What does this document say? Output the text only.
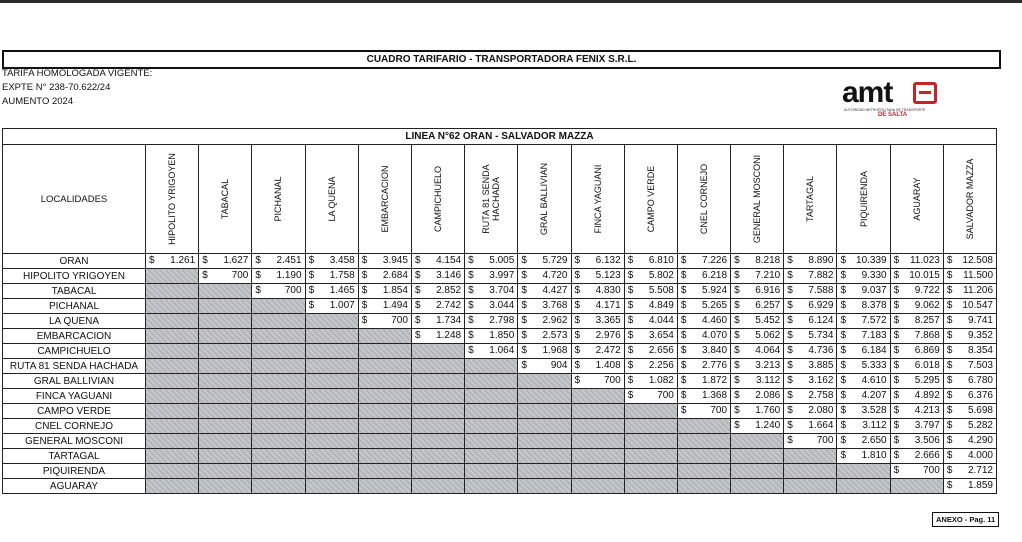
CUADRO TARIFARIO - TRANSPORTADORA FENIX S.R.L.
TARIFA HOMOLOGADA VIGENTE:
EXPTE N° 238-70.622/24
AUMENTO 2024	amt
AUTORIDAD METROPOLITANA DE TRANSPORTE
DE SALTA
LINEA N°62 ORAN - SALVADOR MAZZA																
LOCALIDADES	HIPOLITO YRIGOYEN	TABACAL	PICHANAL	LA QUENA	EMBARCACION	CAMPICHUELO	RUTA 81 SENDA HACHADA	GRAL BALLIVIAN	FINCA YAGUANI	CAMPO VERDE	CNEL CORNEJO	GENERAL MOSCONI	TARTAGAL	PIQUIRENDA	AGUARAY	SALVADOR MAZZA

ORAN	$ 1.261	$ 1.627	$ 2.451	$ 3.458	$ 3.945	$ 4.154	$ 5.005	$ 5.729	$ 6.132	$ 6.810	$ 7.226	$ 8.218	$ 8.890	$ 10.339	$ 11.023	$ 12.508

HIPOLITO YRIGOYEN		$ 700	$ 1.190	$ 1.758	$ 2.684	$ 3.146	$ 3.997	$ 4.720	$ 5.123	$ 5.802	$ 6.218	$ 7.210	$ 7.882	$ 9.330	$ 10.015	$ 11.500

TABACAL			$ 700	$ 1.465	$ 1.854	$ 2.852	$ 3.704	$ 4.427	$ 4.830	$ 5.508	$ 5.924	$ 6.916	$ 7.588	$ 9.037	$ 9.722	$ 11.206

PICHANAL				$ 1.007	$ 1.494	$ 2.742	$ 3.044	$ 3.768	$ 4.171	$ 4.849	$ 5.265	$ 6.257	$ 6.929	$ 8.378	$ 9.062	$ 10.547

LA QUENA					$ 700	$ 1.734	$ 2.798	$ 2.962	$ 3.365	$ 4.044	$ 4.460	$ 5.452	$ 6.124	$ 7.572	$ 8.257	$ 9.741

EMBARCACION						$ 1.248	$ 1.850	$ 2.573	$ 2.976	$ 3.654	$ 4.070	$ 5.062	$ 5.734	$ 7.183	$ 7.868	$ 9.352

CAMPICHUELO							$ 1.064	$ 1.968	$ 2.472	$ 2.656	$ 3.840	$ 4.064	$ 4.736	$ 6.184	$ 6.869	$ 8.354

RUTA 81 SENDA HACHADA								$ 904	$ 1.408	$ 2.256	$ 2.776	$ 3.213	$ 3.885	$ 5.333	$ 6.018	$ 7.503

GRAL BALLIVIAN									$ 700	$ 1.082	$ 1.872	$ 3.112	$ 3.162	$ 4.610	$ 5.295	$ 6.780

FINCA YAGUANI										$ 700	$ 1.368	$ 2.086	$ 2.758	$ 4.207	$ 4.892	$ 6.376

CAMPO VERDE											$ 700	$ 1.760	$ 2.080	$ 3.528	$ 4.213	$ 5.698

CNEL CORNEJO												$ 1.240	$ 1.664	$ 3.112	$ 3.797	$ 5.282

GENERAL MOSCONI													$ 700	$ 2.650	$ 3.506	$ 4.290

TARTAGAL														$ 1.810	$ 2.666	$ 4.000

PIQUIRENDA															$ 700	$ 2.712

AGUARAY																$ 1.859
ANEXO - Pag. 11
